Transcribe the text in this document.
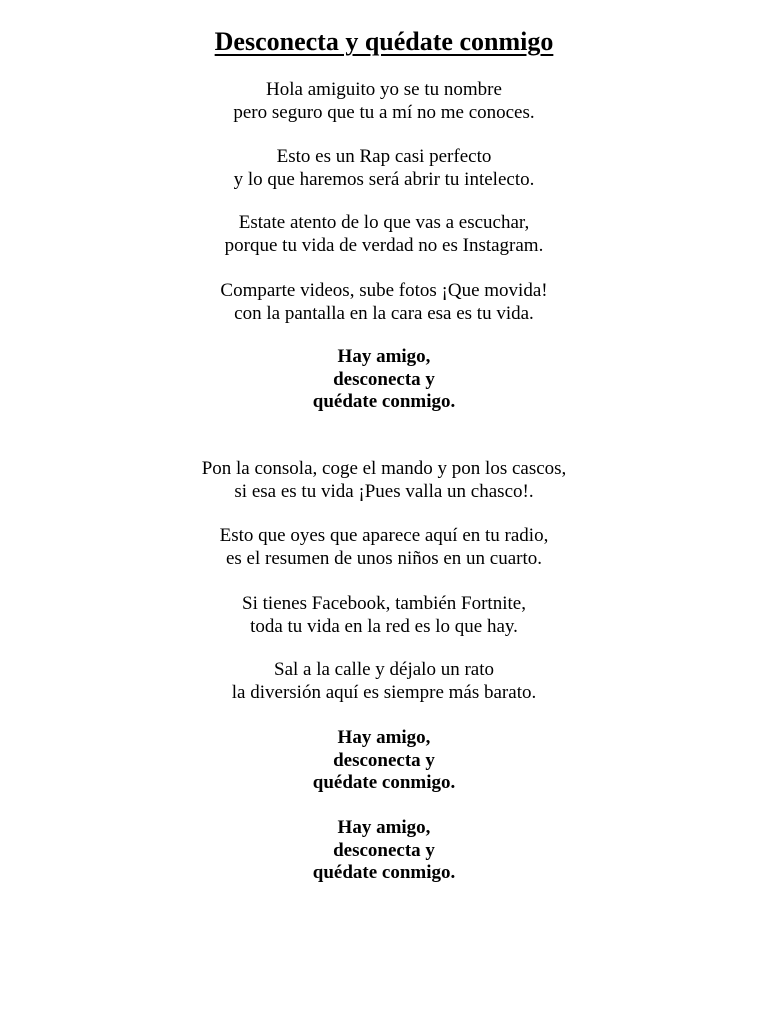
Desconecta y quédate conmigo
Hola amiguito yo se tu nombre
pero seguro que tu a mí no me conoces.
Esto es un Rap casi perfecto
y lo que haremos será abrir tu intelecto.
Estate atento de lo que vas a escuchar,
porque tu vida de verdad no es Instagram.
Comparte videos, sube fotos ¡Que movida!
con la pantalla en la cara esa es tu vida.
Hay amigo,
desconecta y
quédate conmigo.
Pon la consola, coge el mando y pon los cascos,
si esa es tu vida ¡Pues valla un chasco!.
Esto que oyes que aparece aquí en tu radio,
es el resumen de unos niños en un cuarto.
Si tienes Facebook, también Fortnite,
toda tu vida en la red es lo que hay.
Sal a la calle y déjalo un rato
la diversión aquí es siempre más barato.
Hay amigo,
desconecta y
quédate conmigo.
Hay amigo,
desconecta y
quédate conmigo.
